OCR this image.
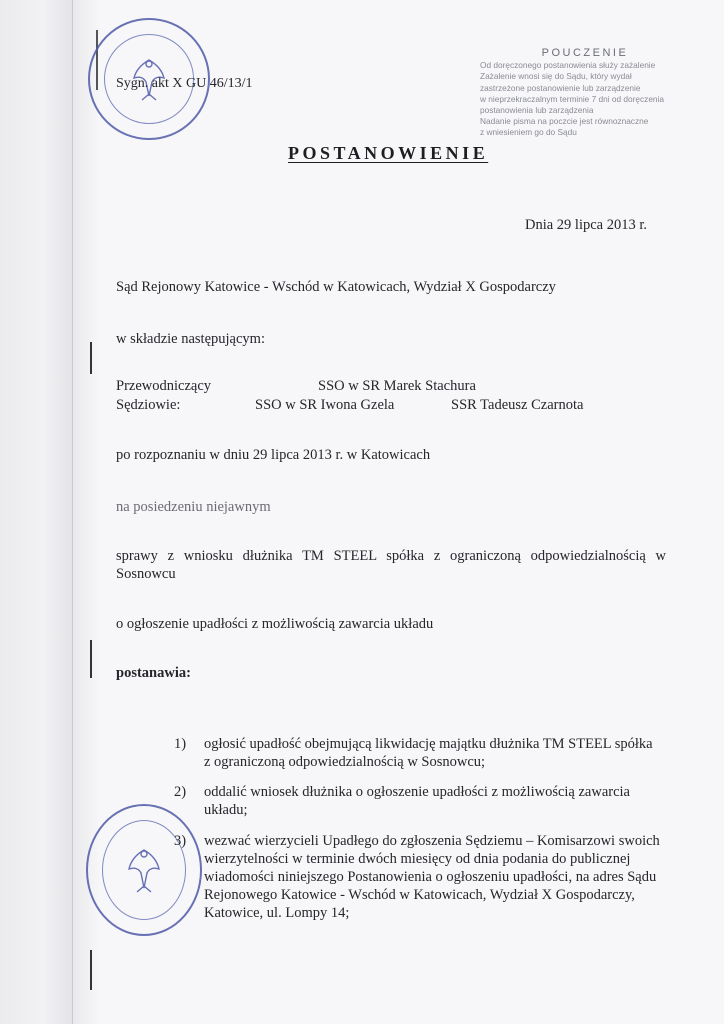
Sygn. akt X GU 46/13/1
POUCZENIE
Od doręczonego postanowienia służy zażalenie
Zażalenie wnosi się do Sądu, który wydał
zastrzeżone postanowienie lub zarządzenie
w nieprzekraczalnym terminie 7 dni od doręczenia
postanowienia lub zarządzenia
Nadanie pisma na poczcie jest równoznaczne
z wniesieniem go do Sądu
POSTANOWIENIE
Dnia 29 lipca 2013 r.
Sąd Rejonowy Katowice - Wschód w Katowicach, Wydział X Gospodarczy
w składzie następującym:
Przewodniczący	SSO w SR Marek Stachura
Sędziowie:	SSO w SR Iwona Gzela	SSR Tadeusz Czarnota
po rozpoznaniu w dniu 29 lipca 2013 r. w Katowicach
na posiedzeniu niejawnym
sprawy z wniosku dłużnika TM STEEL spółka z ograniczoną odpowiedzialnością w
Sosnowcu
o ogłoszenie upadłości z możliwością zawarcia układu
postanawia:
1) ogłosić upadłość obejmującą likwidację majątku dłużnika TM STEEL spółka
z ograniczoną odpowiedzialnością w Sosnowcu;
2) oddalić wniosek dłużnika o ogłoszenie upadłości z możliwością zawarcia
układu;
3) wezwać wierzycieli Upadłego do zgłoszenia Sędziemu – Komisarzowi swoich
wierzytelności w terminie dwóch miesięcy od dnia podania do publicznej
wiadomości niniejszego Postanowienia o ogłoszeniu upadłości, na adres Sądu
Rejonowego Katowice - Wschód w Katowicach, Wydział X Gospodarczy,
Katowice, ul. Lompy 14;
